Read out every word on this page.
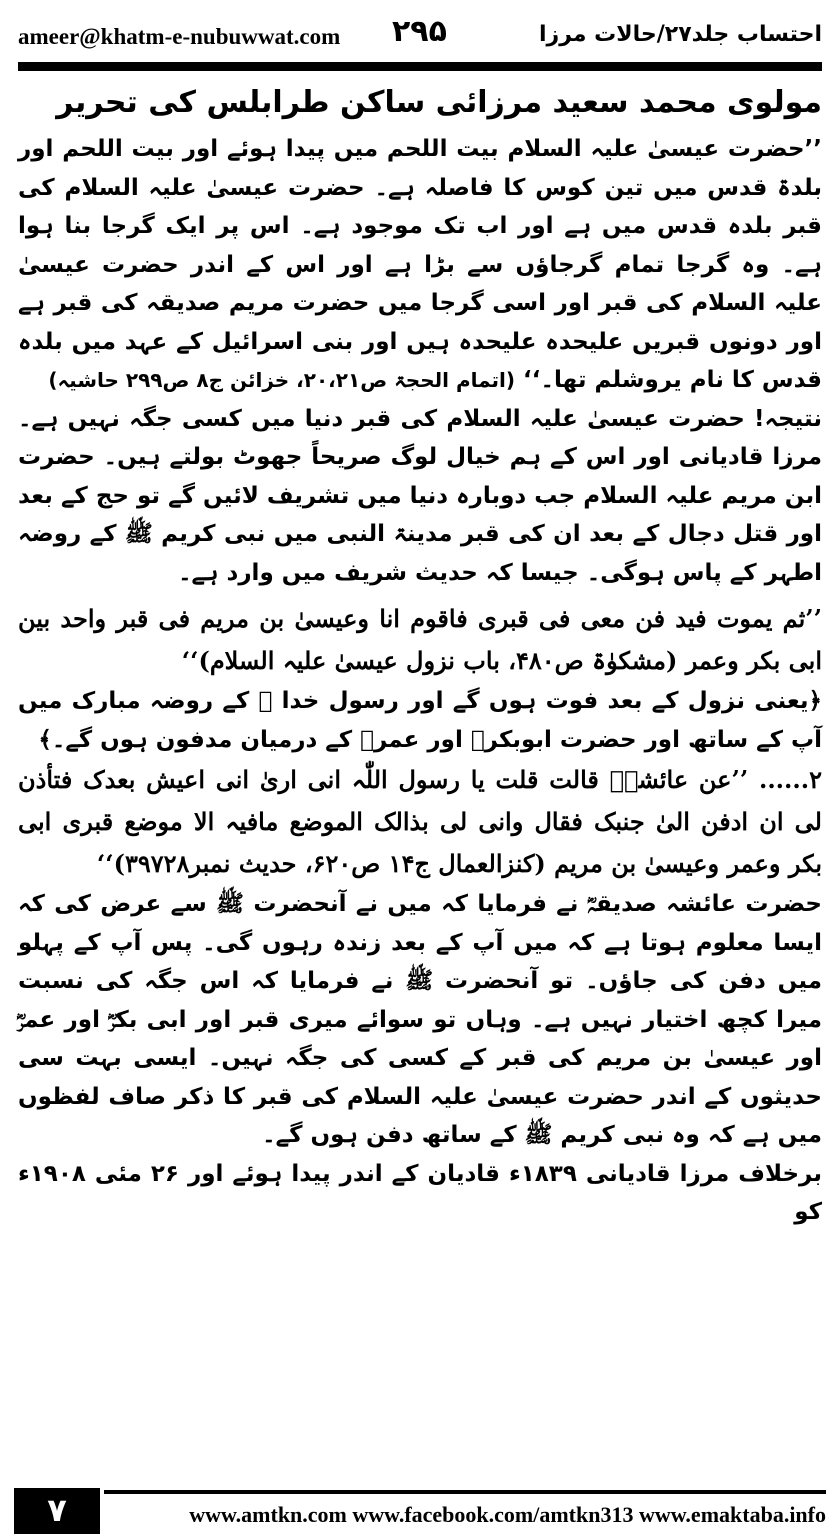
ameer@khatm-e-nubuwwat.com ۲۹۵	احتساب جلد۲۷/حالات مرزا
مولوی محمد سعید مرزائی ساکن طرابلس کی تحریر

’’حضرت عیسیٰ علیہ السلام بیت اللحم میں پیدا ہوئے اور بیت اللحم اور بلدۃ قدس میں تین کوس کا فاصلہ ہے۔ حضرت عیسیٰ علیہ السلام کی قبر بلدہ قدس میں ہے اور اب تک موجود ہے۔ اس پر ایک گرجا بنا ہوا ہے۔ وہ گرجا تمام گرجاؤں سے بڑا ہے اور اس کے اندر حضرت عیسیٰ علیہ السلام کی قبر اور اسی گرجا میں حضرت مریم صدیقہ کی قبر ہے اور دونوں قبریں علیحدہ علیحدہ ہیں اور بنی اسرائیل کے عہد میں بلدہ قدس کا نام یروشلم تھا۔‘‘ (اتمام الحجۃ ص۲۰،۲۱، خزائن ج۸ ص۲۹۹ حاشیہ)

نتیجہ! حضرت عیسیٰ علیہ السلام کی قبر دنیا میں کسی جگہ نہیں ہے۔ مرزا قادیانی اور اس کے ہم خیال لوگ صریحاً جھوٹ بولتے ہیں۔ حضرت ابن مریم علیہ السلام جب دوبارہ دنیا میں تشریف لائیں گے تو حج کے بعد اور قتل دجال کے بعد ان کی قبر مدینۃ النبی میں نبی کریم ﷺ کے روضہ اطہر کے پاس ہوگی۔ جیسا کہ حدیث شریف میں وارد ہے۔

’’ثم یموت فید فن معی فی قبری فاقوم انا وعیسیٰ بن مریم فی قبر واحد بین ابی بکر وعمر (مشکوٰۃ ص۴۸۰، باب نزول عیسیٰ علیہ السلام)‘‘

﴿یعنی نزول کے بعد فوت ہوں گے اور رسول خدا ﷺ کے روضہ مبارک میں آپ کے ساتھ اور حضرت ابوبکرؓ اور عمرؓ کے درمیان مدفون ہوں گے۔﴾

۲...... ’’عن عائشۃؓ قالت قلت یا رسول اللّٰہ انی اریٰ انی اعیش بعدک فتأذن لی ان ادفن الیٰ جنبک فقال وانی لی بذالک الموضع مافیہ الا موضع قبری ابی بکر وعمر وعیسیٰ بن مریم (کنزالعمال ج۱۴ ص۶۲۰، حدیث نمبر۳۹۷۲۸)‘‘

حضرت عائشہ صدیقہؓ نے فرمایا کہ میں نے آنحضرت ﷺ سے عرض کی کہ ایسا معلوم ہوتا ہے کہ میں آپ کے بعد زندہ رہوں گی۔ پس آپ کے پہلو میں دفن کی جاؤں۔ تو آنحضرت ﷺ نے فرمایا کہ اس جگہ کی نسبت میرا کچھ اختیار نہیں ہے۔ وہاں تو سوائے میری قبر اور ابی بکرؓ اور عمرؓ اور عیسیٰ بن مریم کی قبر کے کسی کی جگہ نہیں۔ ایسی بہت سی حدیثوں کے اندر حضرت عیسیٰ علیہ السلام کی قبر کا ذکر صاف لفظوں میں ہے کہ وہ نبی کریم ﷺ کے ساتھ دفن ہوں گے۔

برخلاف مرزا قادیانی ۱۸۳۹ء قادیان کے اندر پیدا ہوئے اور ۲۶ مئی ۱۹۰۸ء کو

۷	www.amtkn.com www.facebook.com/amtkn313 www.emaktaba.info
